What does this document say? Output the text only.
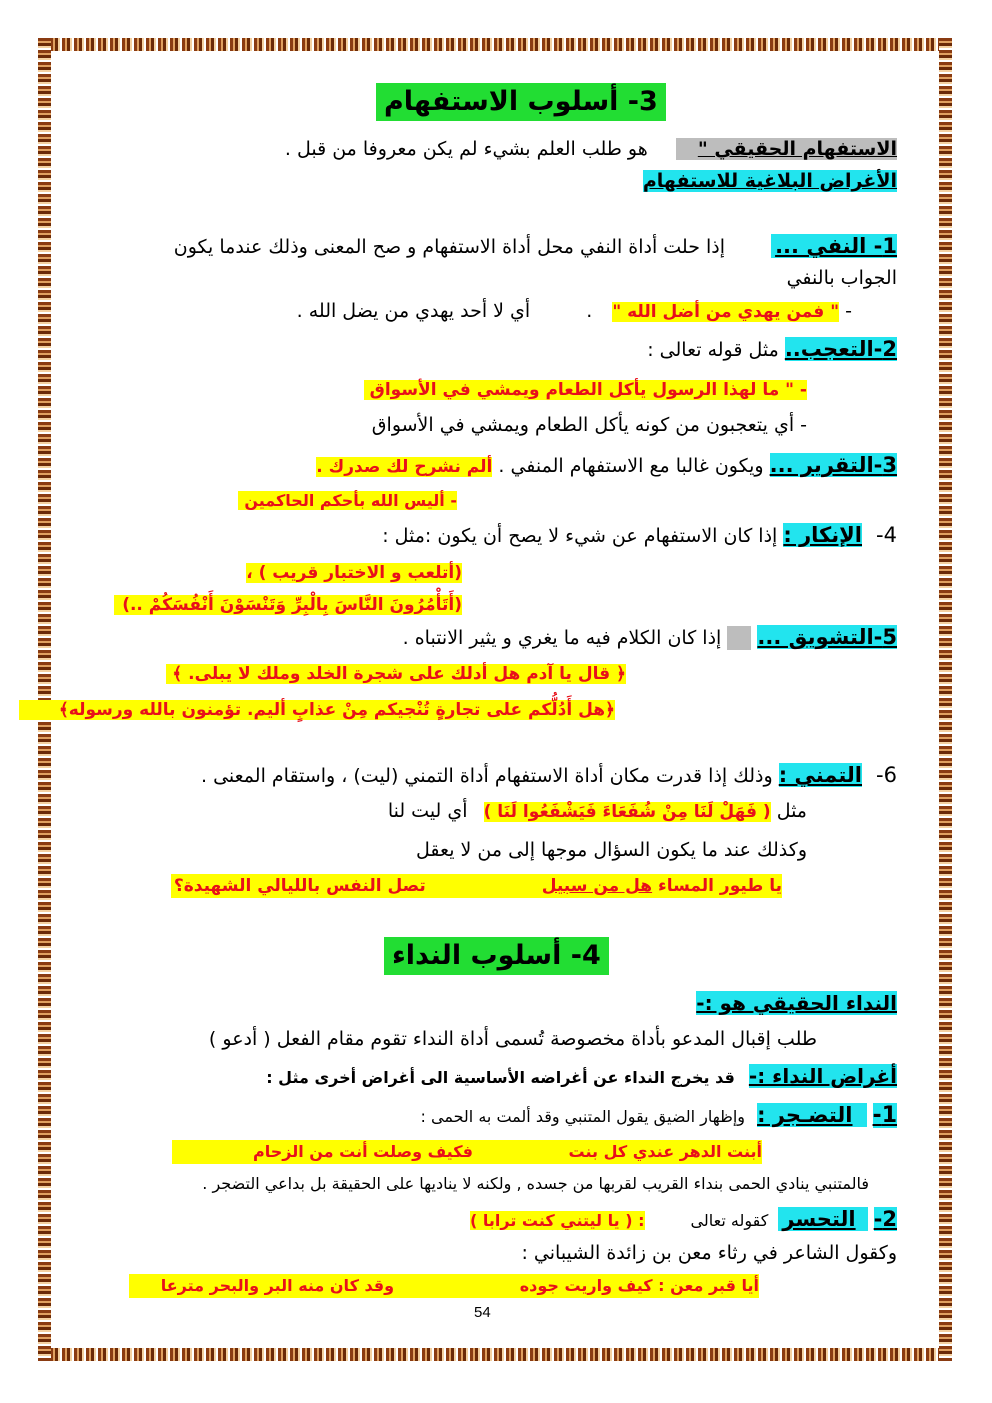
3- أسلوب الاستفهام
الاستفهام الحقيقي " هو طلب العلم بشيء لم يكن معروفا من قبل .
الأغراض البلاغية للاستفهام
1- النفي ... إذا حلت أداة النفي محل أداة الاستفهام و صح المعنى وذلك عندما يكون
الجواب بالنفي
- " فمن يهدي من أضل الله " . أي لا أحد يهدي من يضل الله .
2-التعجب.. مثل قوله تعالى :
- " ما لهذا الرسول يأكل الطعام ويمشي في الأسواق
- أي يتعجبون من كونه يأكل الطعام ويمشي في الأسواق
3-التقرير ... ويكون غالبا مع الاستفهام المنفي . ألم نشرح لك صدرك .
- أليس الله بأحكم الحاكمين
4- الإنكار : إذا كان الاستفهام عن شيء لا يصح أن يكون :مثل :
(أتلعب و الاختبار قريب ) ،
(أَتَأْمُرُونَ النَّاسَ بِالْبِرِّ وَتَنْسَوْنَ أَنْفُسَكُمْ ..)
5-التشويق ...   إذا كان الكلام فيه ما يغري و يثير الانتباه .
﴿ قال يا آدم هل أدلك على شجرة الخلد وملك لا يبلى. ﴾
﴿هل أَدُلُّكم على تجارةٍ تُنْجيكم مِنْ عذابٍ أليم. تؤمنون بالله ورسوله﴾
6- التمني : وذلك إذا قدرت مكان أداة الاستفهام أداة التمني (ليت) ، واستقام المعنى .
مثل ( فَهَلْ لَنَا مِنْ شُفَعَاءَ فَيَشْفَعُوا لَنَا ) أي ليت لنا
وكذلك عند ما يكون السؤال موجها إلى من لا يعقل
يا طيور المساء هل من سبيل تصل النفس بالليالي الشهيدة؟
4- أسلوب النداء
النداء الحقيقي هو :-
طلب إقبال المدعو بأداة مخصوصة تُسمى أداة النداء تقوم مقام الفعل ( أدعو )
أغراض النداء :- قد يخرج النداء عن أغراضه الأساسية الى أغراض أخرى مثل :
1- التضـجر : وإظهار الضيق يقول المتنبي وقد ألمت به الحمى :
أبنت الدهر عندي كل بنت فكيف وصلت أنت من الزحام
فالمتنبي ينادي الحمى بنداء القريب لقربها من جسده , ولكنه لا يناديها على الحقيقة بل بداعي التضجر .
2- التحسر كقوله تعالى : ( يا ليتني كنت ترابا )
وكقول الشاعر في رثاء معن بن زائدة الشيباني :
أيا قبر معن : كيف واريت جوده وقد كان منه البر والبحر مترعا
54
